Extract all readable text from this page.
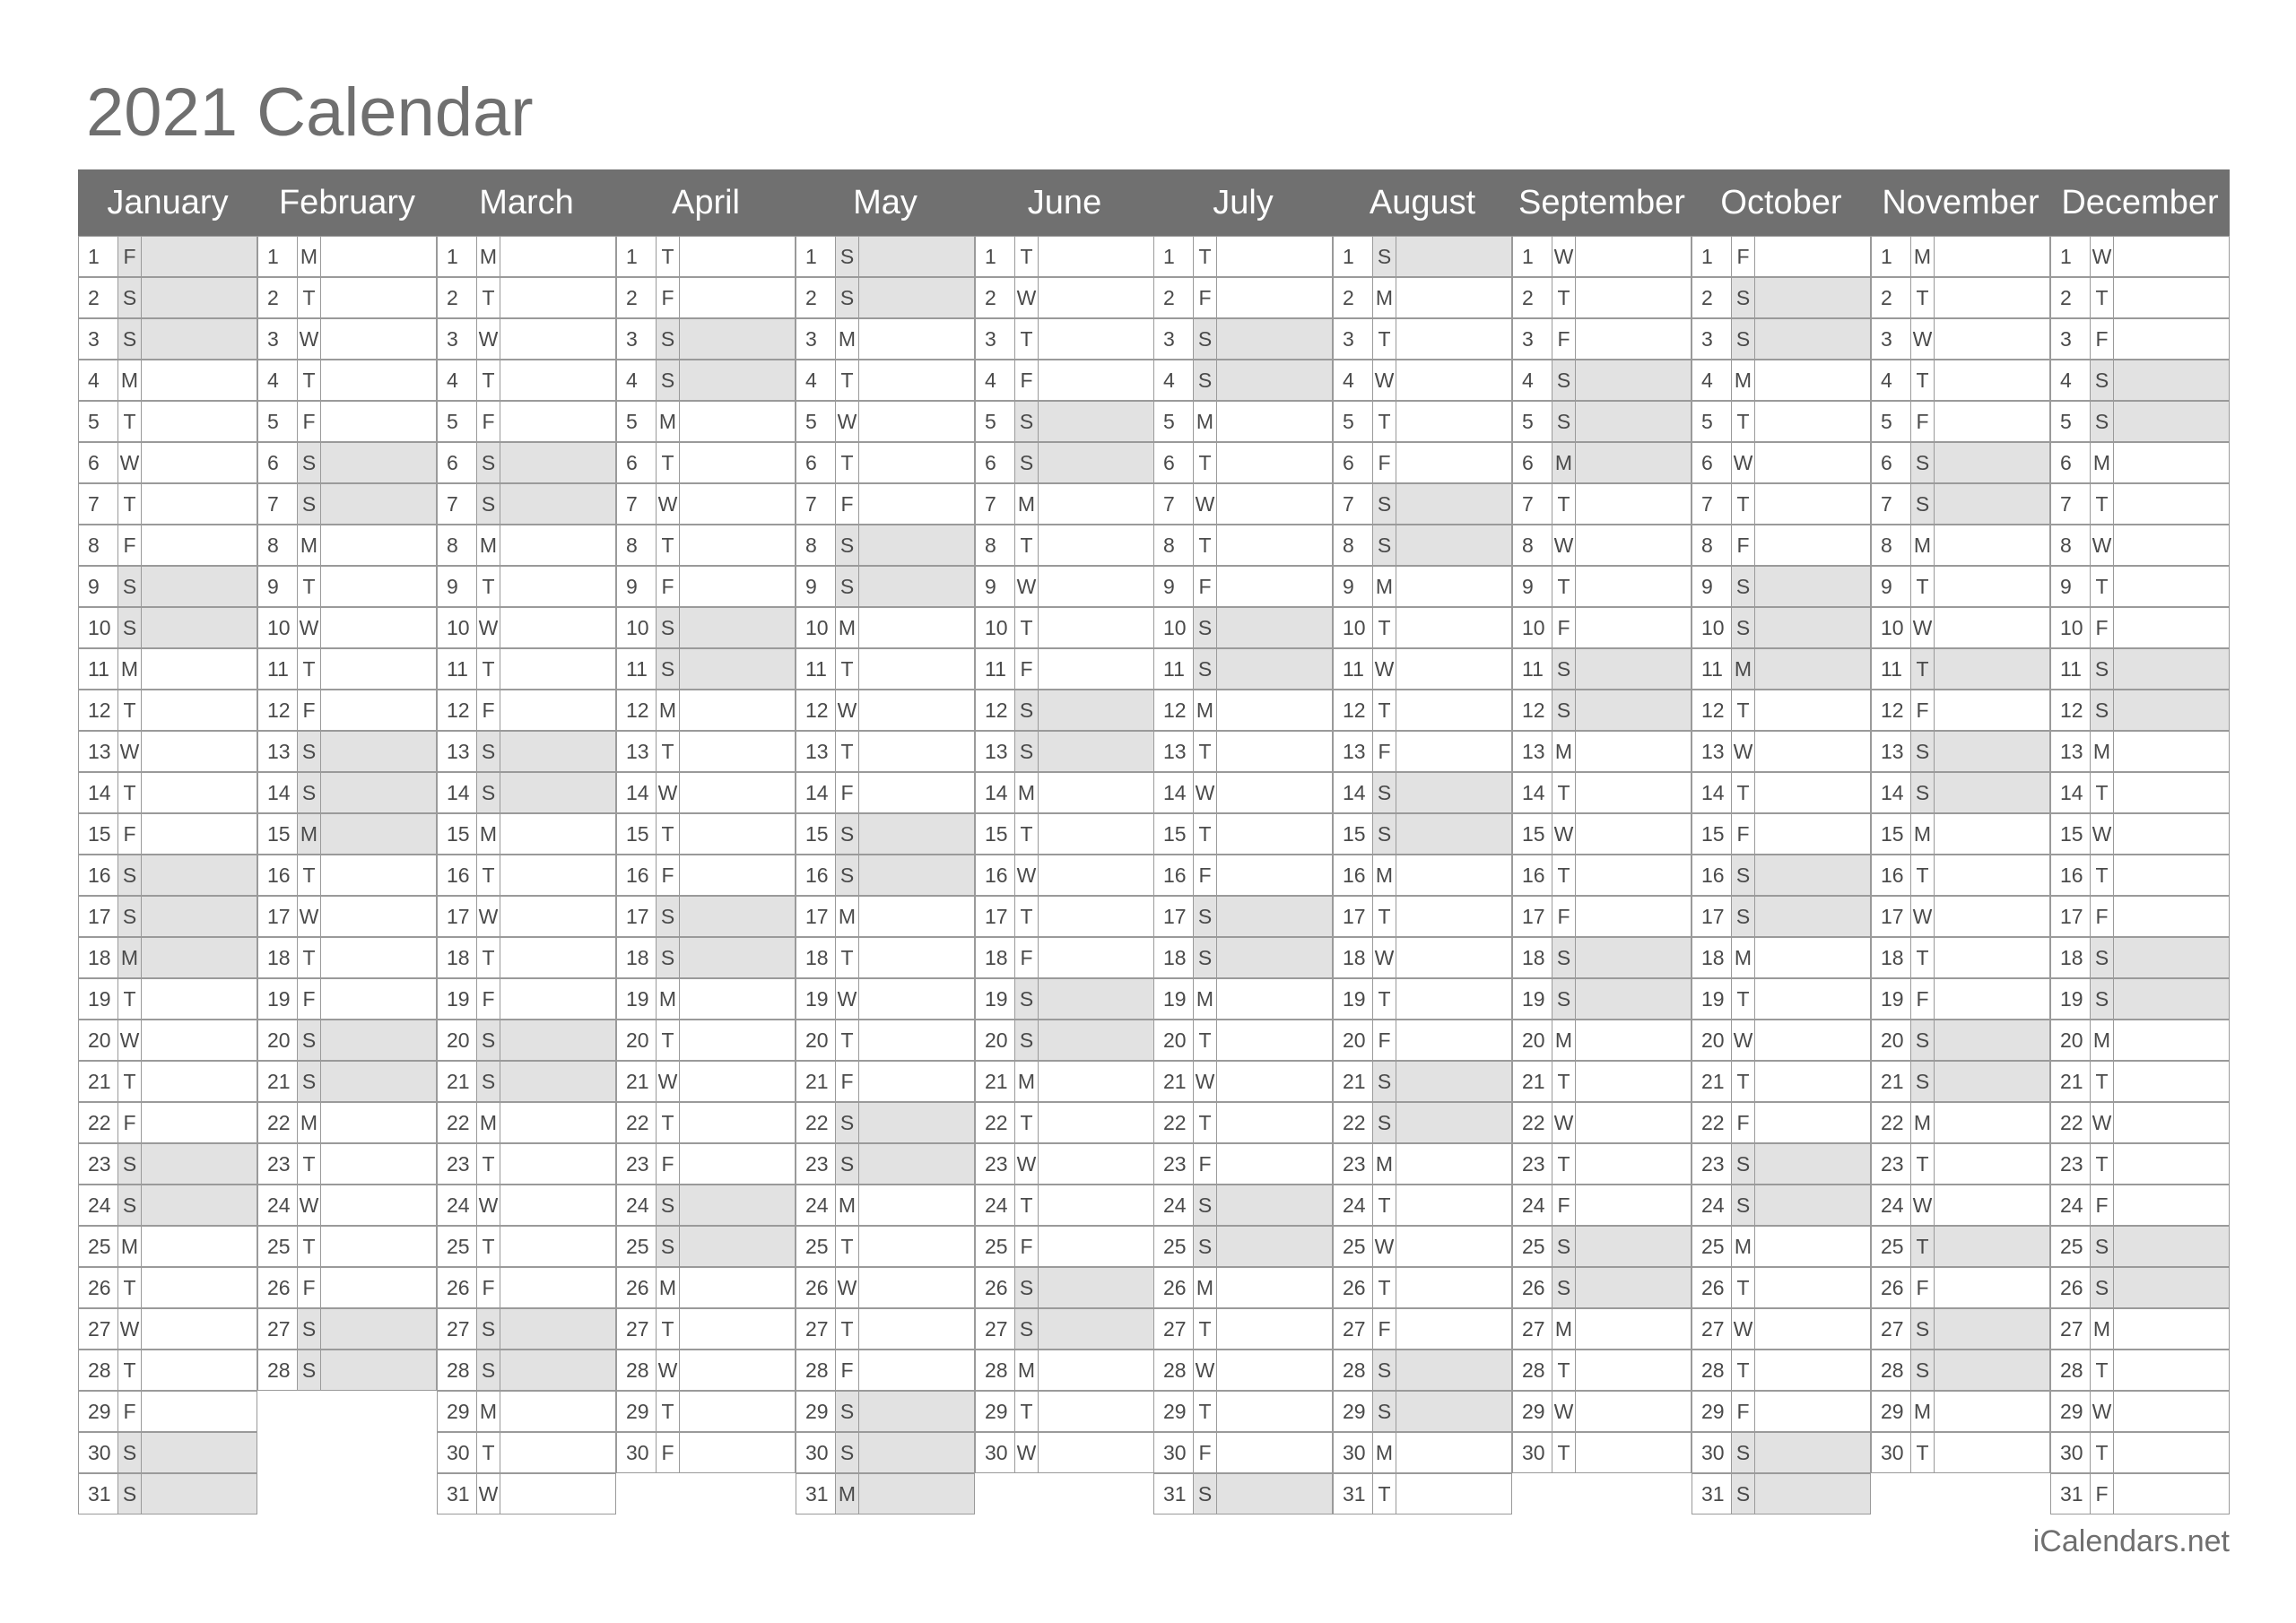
2021 Calendar
January
1	F
2	S
3	S
4	M
5	T
6 W
7	T
8	F
9	S
10 S
11 M
12 T
13 W
14 T
15 F
16 S
17 S
18 M
19 T
20 W
21 T
22 F
23 S
24 S
25 M
26 T
27 W
28 T
29 F
30 S
31 S
February
1	M
2	T
3 W
4	T
5	F
6	S
7	S
8	M
9	T
10 W
11 T
12 F
13 S
14 S
15 M
16 T
17 W
18 T
19 F
20 S
21 S
22 M
23 T
24 W
25 T
26 F
27 S
28 S
March
1	M
2	T
3 W
4	T
5	F
6	S
7	S
8	M
9	T
10 W
11 T
12 F
13 S
14 S
15 M
16 T
17 W
18 T
19 F
20 S
21 S
22 M
23 T
24 W
25 T
26 F
27 S
28 S
29 M
30 T
31 W
April
1	T
2	F
3	S
4	S
5	M
6	T
7 W
8	T
9	F
10 S
11 S
12 M
13 T
14 W
15 T
16 F
17 S
18 S
19 M
20 T
21 W
22 T
23 F
24 S
25 S
26 M
27 T
28 W
29 T
30 F
May
1	S
2	S
3	M
4	T
5 W
6	T
7	F
8	S
9	S
10 M
11 T
12 W
13 T
14 F
15 S
16 S
17 M
18 T
19 W
20 T
21 F
22 S
23 S
24 M
25 T
26 W
27 T
28 F
29 S
30 S
31 M
June
1	T
2 W
3	T
4	F
5	S
6	S
7	M
8	T
9 W
10 T
11 F
12 S
13 S
14 M
15 T
16 W
17 T
18 F
19 S
20 S
21 M
22 T
23 W
24 T
25 F
26 S
27 S
28 M
29 T
30 W
July
1	T
2	F
3	S
4	S
5	M
6	T
7 W
8	T
9	F
10 S
11 S
12 M
13 T
14 W
15 T
16 F
17 S
18 S
19 M
20 T
21 W
22 T
23 F
24 S
25 S
26 M
27 T
28 W
29 T
30 F
31 S
August
1	S
2	M
3	T
4 W
5	T
6	F
7	S
8	S
9	M
10 T
11 W
12 T
13 F
14 S
15 S
16 M
17 T
18 W
19 T
20 F
21 S
22 S
23 M
24 T
25 W
26 T
27 F
28 S
29 S
30 M
31 T
September
1 W
2	T
3	F
4	S
5	S
6	M
7	T
8 W
9	T
10 F
11 S
12 S
13 M
14 T
15 W
16 T
17 F
18 S
19 S
20 M
21 T
22 W
23 T
24 F
25 S
26 S
27 M
28 T
29 W
30 T
October
1	F
2	S
3	S
4	M
5	T
6 W
7	T
8	F
9	S
10 S
11 M
12 T
13 W
14 T
15 F
16 S
17 S
18 M
19 T
20 W
21 T
22 F
23 S
24 S
25 M
26 T
27 W
28 T
29 F
30 S
31 S
November
1	M
2	T
3 W
4	T
5	F
6	S
7	S
8	M
9	T
10 W
11 T
12 F
13 S
14 S
15 M
16 T
17 W
18 T
19 F
20 S
21 S
22 M
23 T
24 W
25 T
26 F
27 S
28 S
29 M
30 T
December
1 W
2	T
3	F
4	S
5	S
6	M
7	T
8 W
9	T
10 F
11 S
12 S
13 M
14 T
15 W
16 T
17 F
18 S
19 S
20 M
21 T
22 W
23 T
24 F
25 S
26 S
27 M
28 T
29 W
30 T
31 F
iCalendars.net
